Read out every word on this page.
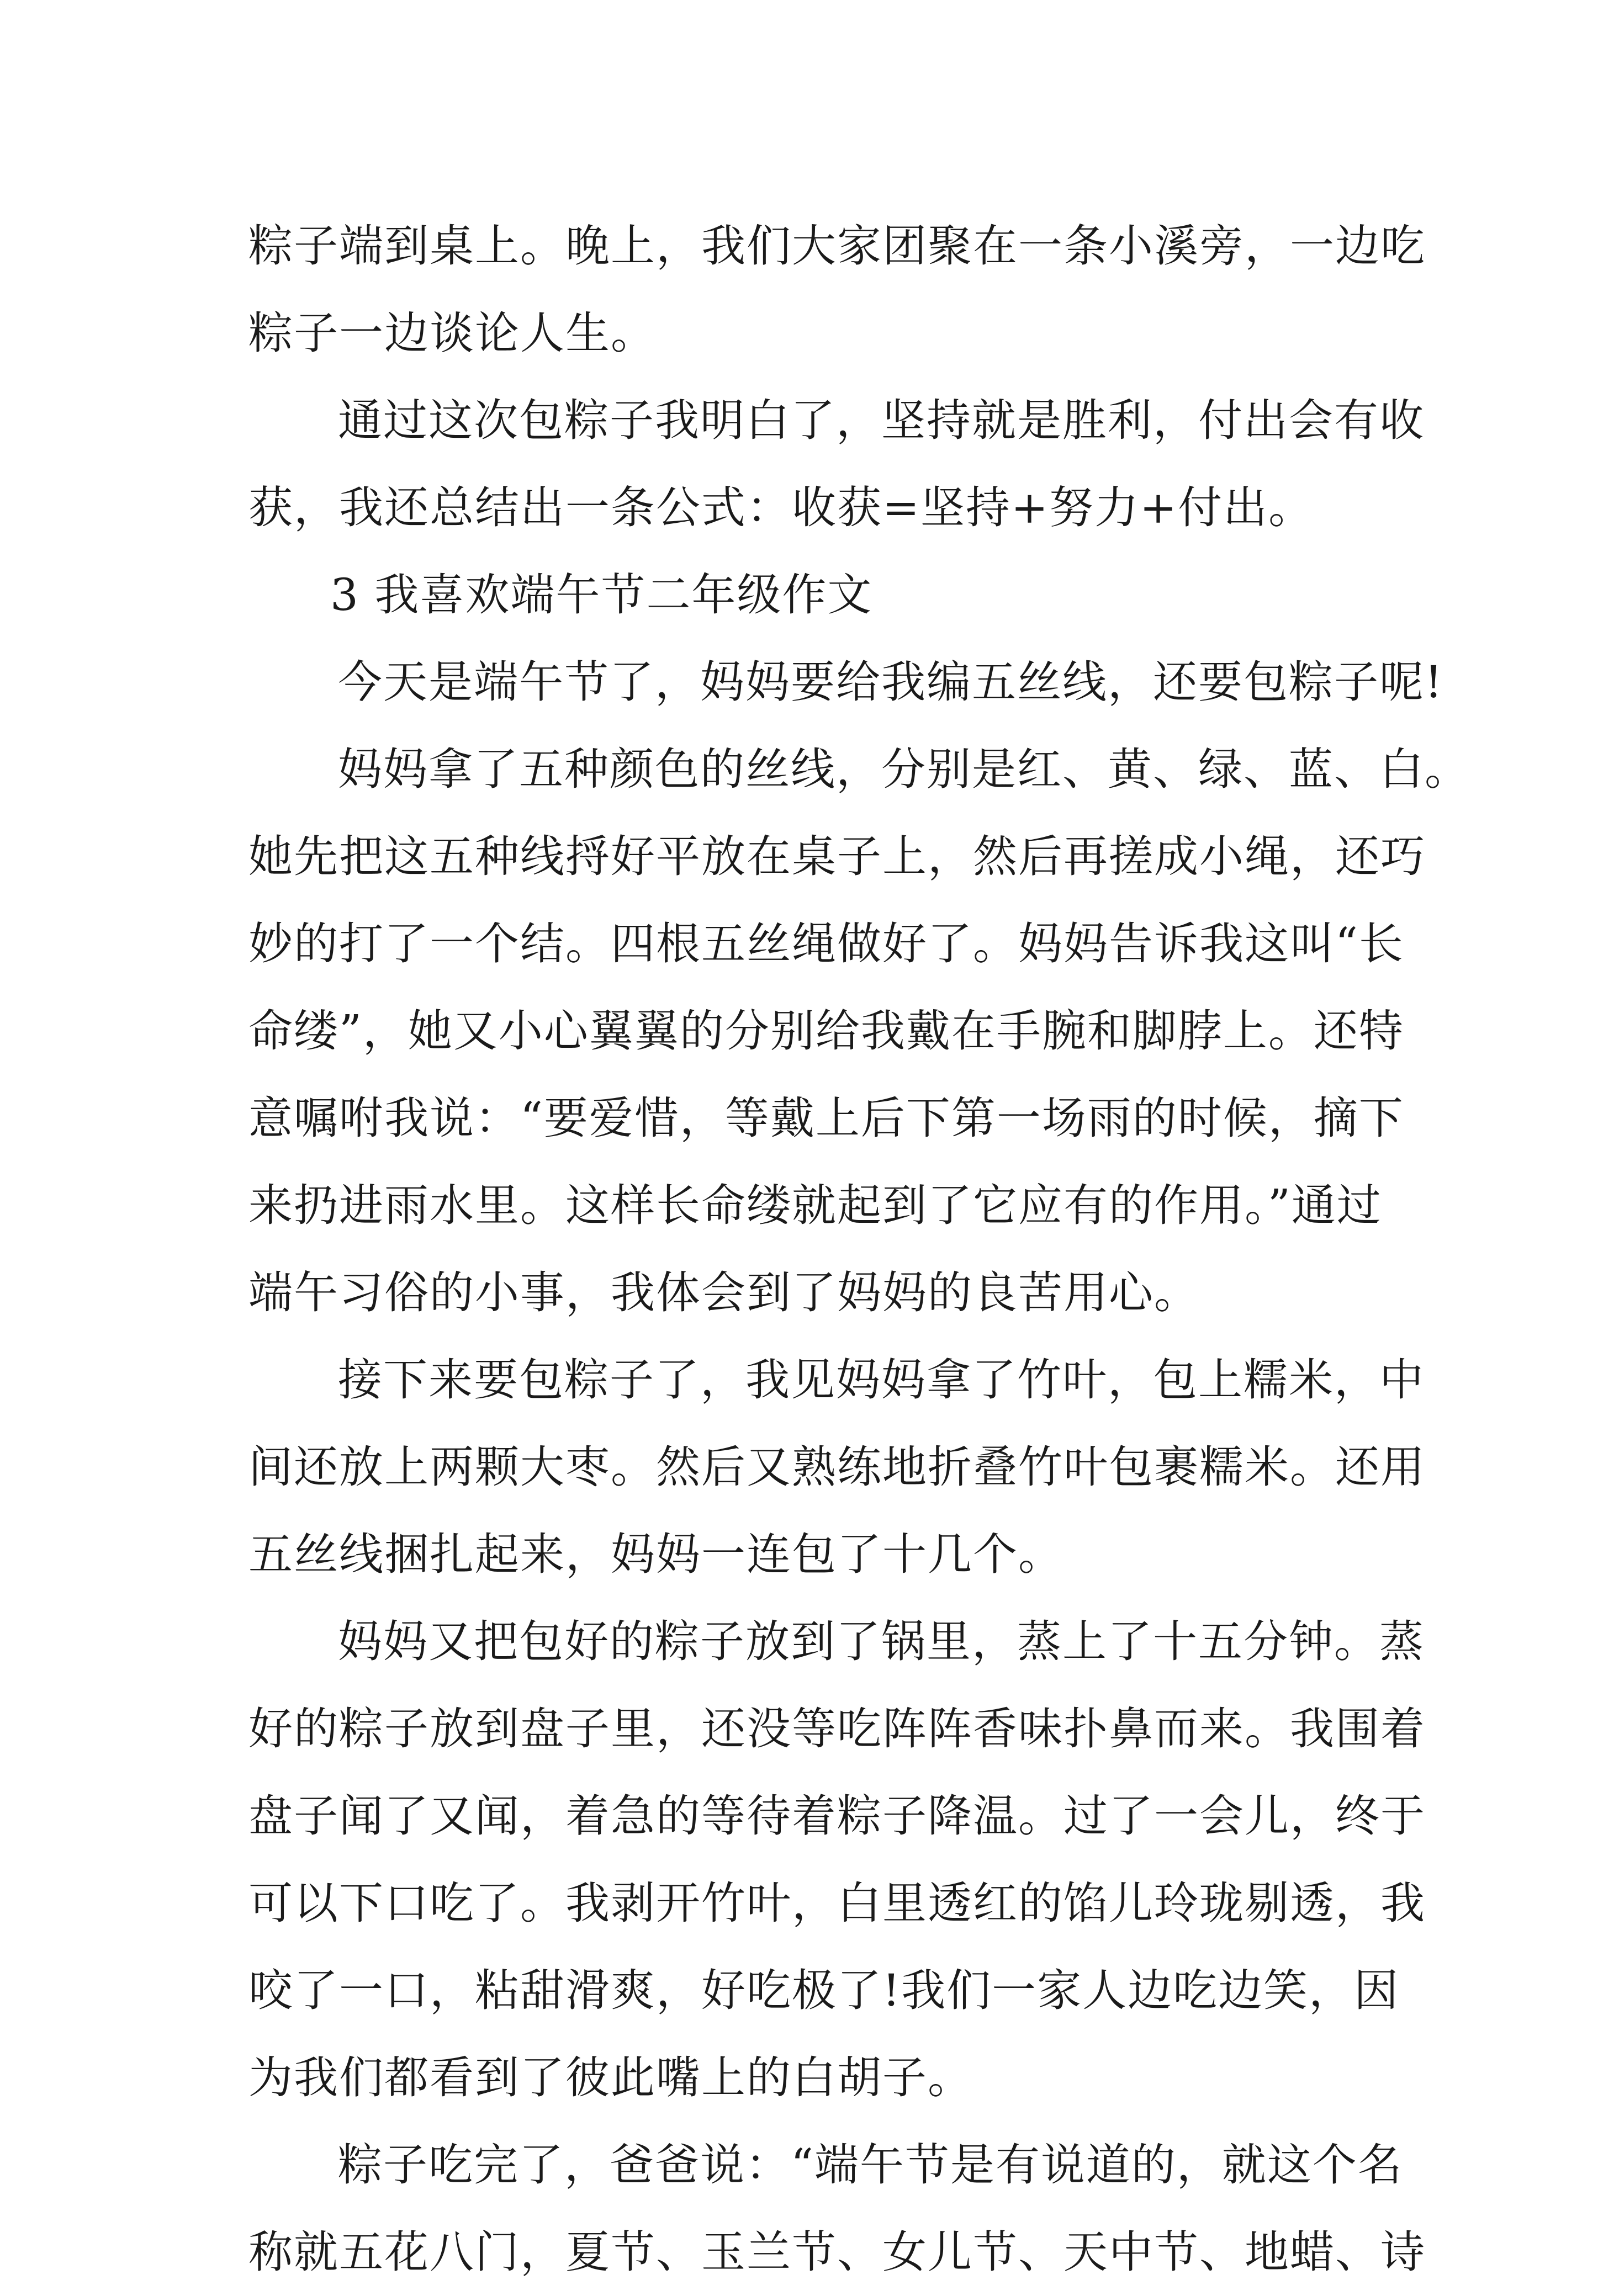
粽子端到桌上。晚上，我们大家团聚在一条小溪旁，一边吃
粽子一边谈论人生。
通过这次包粽子我明白了，坚持就是胜利，付出会有收
获，我还总结出一条公式：收获=坚持+努力+付出。
3 我喜欢端午节二年级作文
今天是端午节了，妈妈要给我编五丝线，还要包粽子呢!
妈妈拿了五种颜色的丝线，分别是红、黄、绿、蓝、白。
她先把这五种线捋好平放在桌子上，然后再搓成小绳，还巧
妙的打了一个结。四根五丝绳做好了。妈妈告诉我这叫“长
命缕”，她又小心翼翼的分别给我戴在手腕和脚脖上。还特
意嘱咐我说：“要爱惜，等戴上后下第一场雨的时候，摘下
来扔进雨水里。这样长命缕就起到了它应有的作用。”通过
端午习俗的小事，我体会到了妈妈的良苦用心。
接下来要包粽子了，我见妈妈拿了竹叶，包上糯米，中
间还放上两颗大枣。然后又熟练地折叠竹叶包裹糯米。还用
五丝线捆扎起来，妈妈一连包了十几个。
妈妈又把包好的粽子放到了锅里，蒸上了十五分钟。蒸
好的粽子放到盘子里，还没等吃阵阵香味扑鼻而来。我围着
盘子闻了又闻，着急的等待着粽子降温。过了一会儿，终于
可以下口吃了。我剥开竹叶，白里透红的馅儿玲珑剔透，我
咬了一口，粘甜滑爽，好吃极了!我们一家人边吃边笑，因
为我们都看到了彼此嘴上的白胡子。
粽子吃完了，爸爸说：“端午节是有说道的，就这个名
称就五花八门，夏节、玉兰节、女儿节、天中节、地蜡、诗
